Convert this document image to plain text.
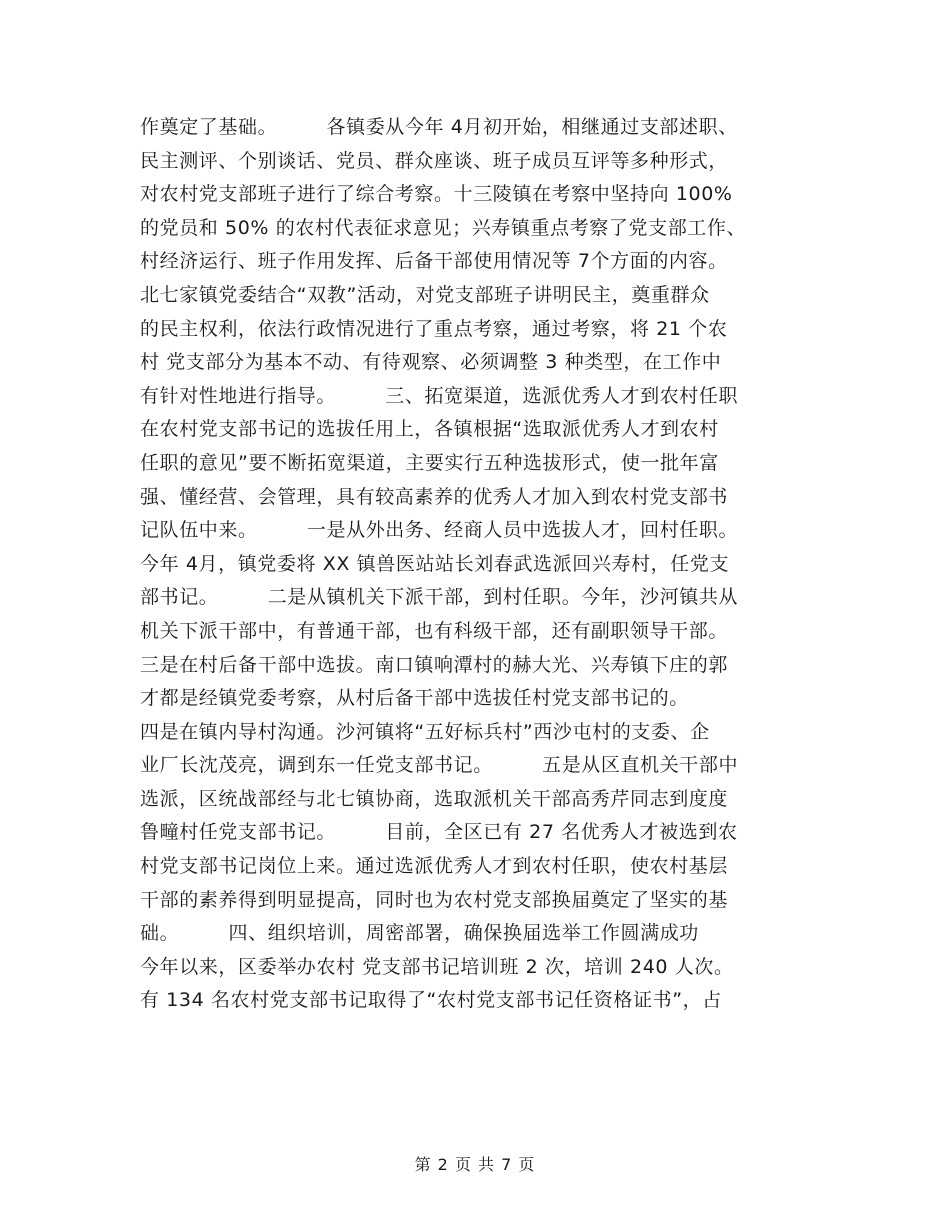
作奠定了基础。　　　各镇委从今年 4月初开始，相继通过支部述职、
民主测评、个别谈话、党员、群众座谈、班子成员互评等多种形式，
对农村党支部班子进行了综合考察。十三陵镇在考察中坚持向 100%
的党员和 50% 的农村代表征求意见；兴寿镇重点考察了党支部工作、
村经济运行、班子作用发挥、后备干部使用情况等 7个方面的内容。
北七家镇党委结合“双教”活动，对党支部班子讲明民主，奠重群众
的民主权利，依法行政情况进行了重点考察，通过考察，将 21 个农
村 党支部分为基本不动、有待观察、必须调整 3 种类型，在工作中
有针对性地进行指导。　　　三、拓宽渠道，选派优秀人才到农村任职
在农村党支部书记的选拔任用上，各镇根据“选取派优秀人才到农村
任职的意见”要不断拓宽渠道，主要实行五种选拔形式，使一批年富
强、懂经营、会管理，具有较高素养的优秀人才加入到农村党支部书
记队伍中来。　　　一是从外出务、经商人员中选拔人才，回村任职。
今年 4月，镇党委将 XX 镇兽医站站长刘春武选派回兴寿村，任党支
部书记。　　　二是从镇机关下派干部，到村任职。今年，沙河镇共从
机关下派干部中，有普通干部，也有科级干部，还有副职领导干部。
三是在村后备干部中选拔。南口镇响潭村的赫大光、兴寿镇下庄的郭
才都是经镇党委考察，从村后备干部中选拔任村党支部书记的。
四是在镇内导村沟通。沙河镇将“五好标兵村”西沙屯村的支委、企
业厂长沈茂亮，调到东一任党支部书记。　　　五是从区直机关干部中
选派，区统战部经与北七镇协商，选取派机关干部高秀芹同志到度度
鲁疃村任党支部书记。　　　目前，全区已有 27 名优秀人才被选到农
村党支部书记岗位上来。通过选派优秀人才到农村任职，使农村基层
干部的素养得到明显提高，同时也为农村党支部换届奠定了坚实的基
础。　　　四、组织培训，周密部署，确保换届选举工作圆满成功
今年以来，区委举办农村 党支部书记培训班 2 次，培训 240 人次。
有 134 名农村党支部书记取得了“农村党支部书记任资格证书”，占
第 2 页 共 7 页
